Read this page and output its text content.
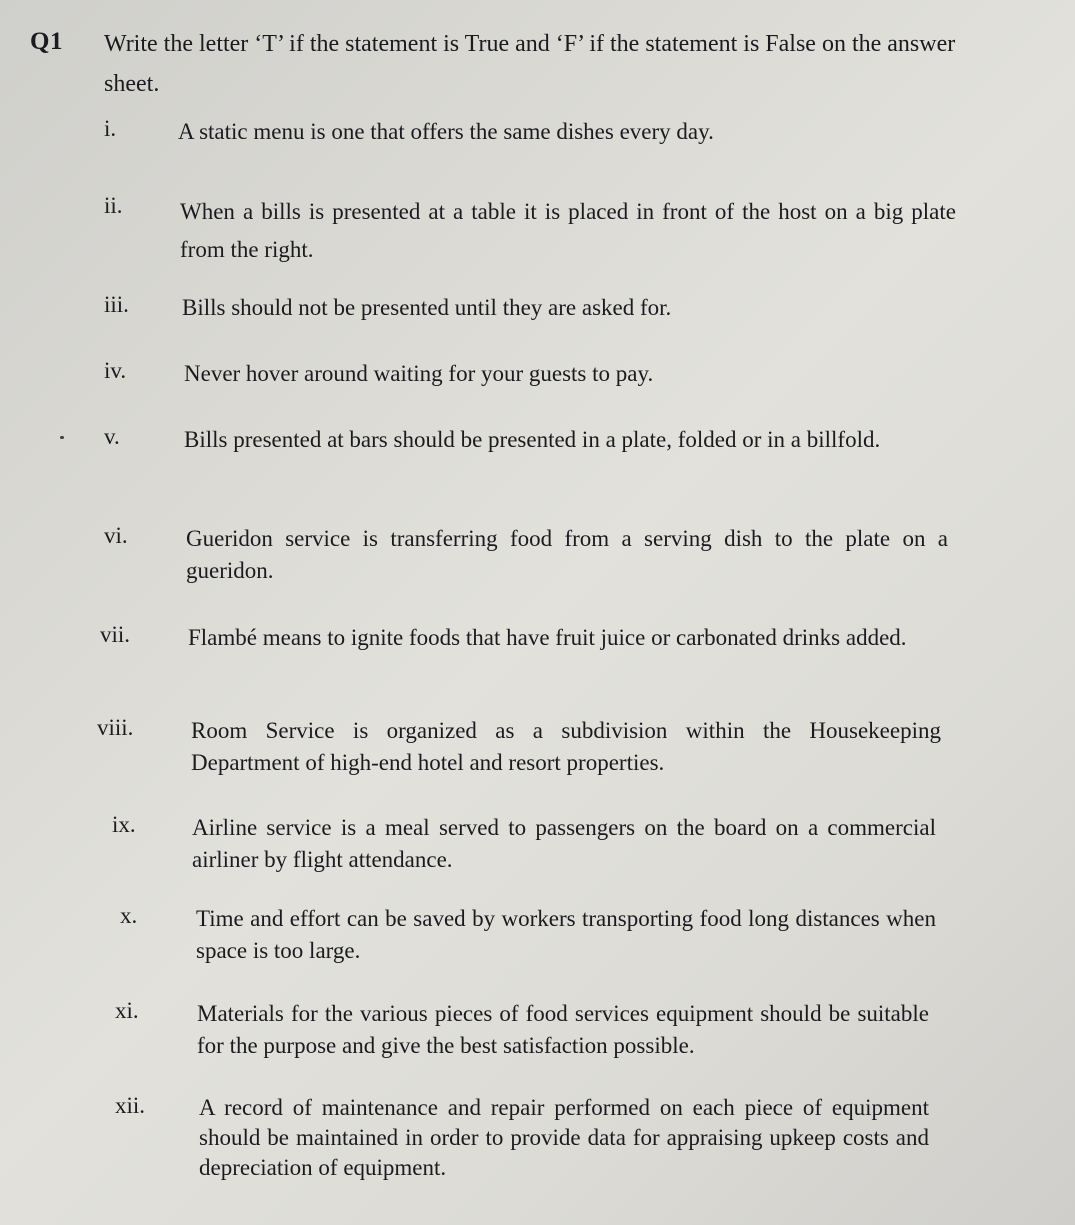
Q1 Write the letter ‘T’ if the statement is True and ‘F’ if the statement is False on the answer sheet.
i.	A static menu is one that offers the same dishes every day.
ii. When a bills is presented at a table it is placed in front of the host on a big plate from the right.
iii. Bills should not be presented until they are asked for.
iv.	Never hover around waiting for your guests to pay.
v.	Bills presented at bars should be presented in a plate, folded or in a billfold.
vi.	Gueridon service is transferring food from a serving dish to the plate on a gueridon.
vii.	Flambé means to ignite foods that have fruit juice or carbonated drinks added.
viii.	Room Service is organized as a subdivision within the Housekeeping Department of high-end hotel and resort properties.
ix. Airline service is a meal served to passengers on the board on a commercial airliner by flight attendance.
x.	Time and effort can be saved by workers transporting food long distances when space is too large.
xi.	Materials for the various pieces of food services equipment should be suitable for the purpose and give the best satisfaction possible.
xii. A record of maintenance and repair performed on each piece of equipment should be maintained in order to provide data for appraising upkeep costs and depreciation of equipment.
